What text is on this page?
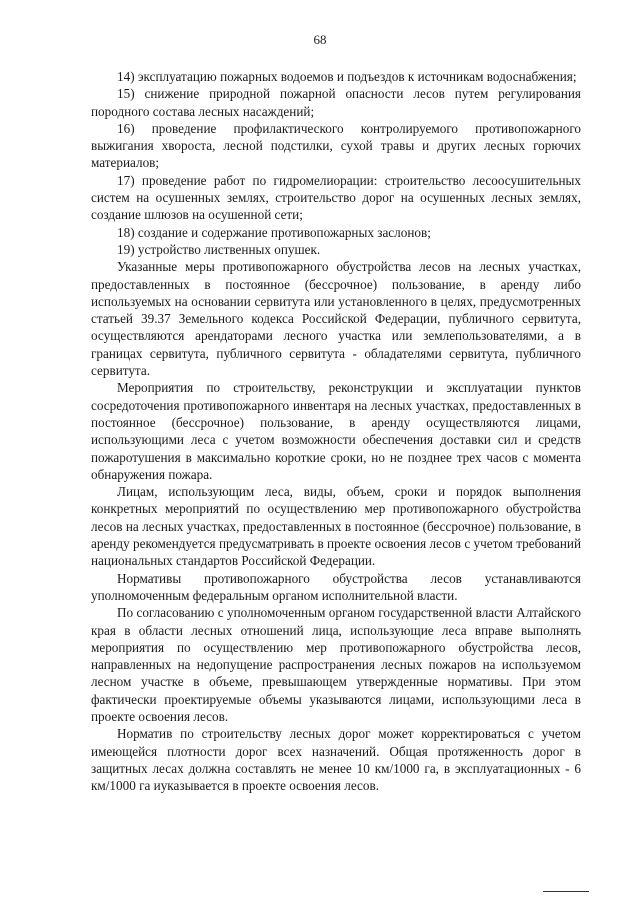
68

14) эксплуатацию пожарных водоемов и подъездов к источникам водоснабжения;

15) снижение природной пожарной опасности лесов путем регулирования породного состава лесных насаждений;

16) проведение профилактического контролируемого противопожарного выжигания хвороста, лесной подстилки, сухой травы и других лесных горючих материалов;

17) проведение работ по гидромелиорации: строительство лесоосушительных систем на осушенных землях, строительство дорог на осушенных лесных землях, создание шлюзов на осушенной сети;

18) создание и содержание противопожарных заслонов;

19) устройство лиственных опушек.

Указанные меры противопожарного обустройства лесов на лесных участках, предоставленных в постоянное (бессрочное) пользование, в аренду либо используемых на основании сервитута или установленного в целях, предусмотренных статьей 39.37 Земельного кодекса Российской Федерации, публичного сервитута, осуществляются арендаторами лесного участка или землепользователями, а в границах сервитута, публичного сервитута - обладателями сервитута, публичного сервитута.

Мероприятия по строительству, реконструкции и эксплуатации пунктов сосредоточения противопожарного инвентаря на лесных участках, предоставленных в постоянное (бессрочное) пользование, в аренду осуществляются лицами, использующими леса с учетом возможности обеспечения доставки сил и средств пожаротушения в максимально короткие сроки, но не позднее трех часов с момента обнаружения пожара.

Лицам, использующим леса, виды, объем, сроки и порядок выполнения конкретных мероприятий по осуществлению мер противопожарного обустройства лесов на лесных участках, предоставленных в постоянное (бессрочное) пользование, в аренду рекомендуется предусматривать в проекте освоения лесов с учетом требований национальных стандартов Российской Федерации.

Нормативы противопожарного обустройства лесов устанавливаются уполномоченным федеральным органом исполнительной власти.

По согласованию с уполномоченным органом государственной власти Алтайского края в области лесных отношений лица, использующие леса вправе выполнять мероприятия по осуществлению мер противопожарного обустройства лесов, направленных на недопущение распространения лесных пожаров на используемом лесном участке в объеме, превышающем утвержденные нормативы. При этом фактически проектируемые объемы указываются лицами, использующими леса в проекте освоения лесов.

Норматив по строительству лесных дорог может корректироваться с учетом имеющейся плотности дорог всех назначений. Общая протяженность дорог в защитных лесах должна составлять не менее 10 км/1000 га, в эксплуатационных - 6 км/1000 га иуказывается в проекте освоения лесов.
